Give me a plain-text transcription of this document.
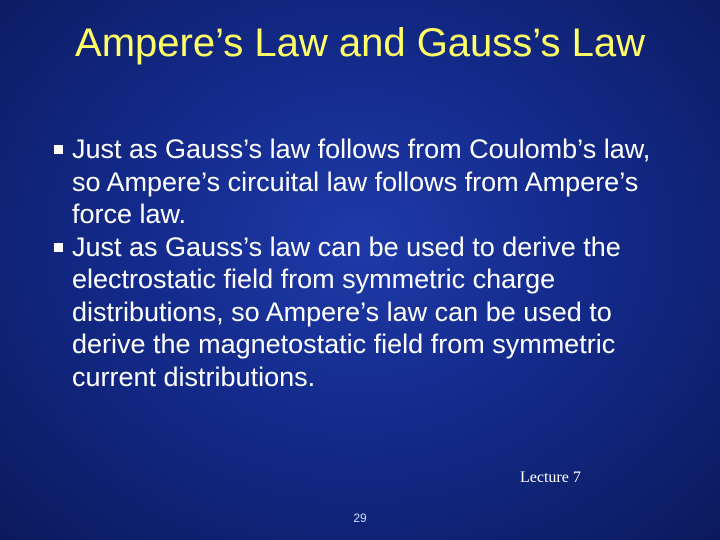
Ampere’s Law and Gauss’s Law
Just as Gauss’s law follows from Coulomb’s law, so Ampere’s circuital law follows from Ampere’s force law.
Just as Gauss’s law can be used to derive the electrostatic field from symmetric charge distributions, so Ampere’s law can be used to derive the magnetostatic field from symmetric current distributions.
29
Lecture 7
